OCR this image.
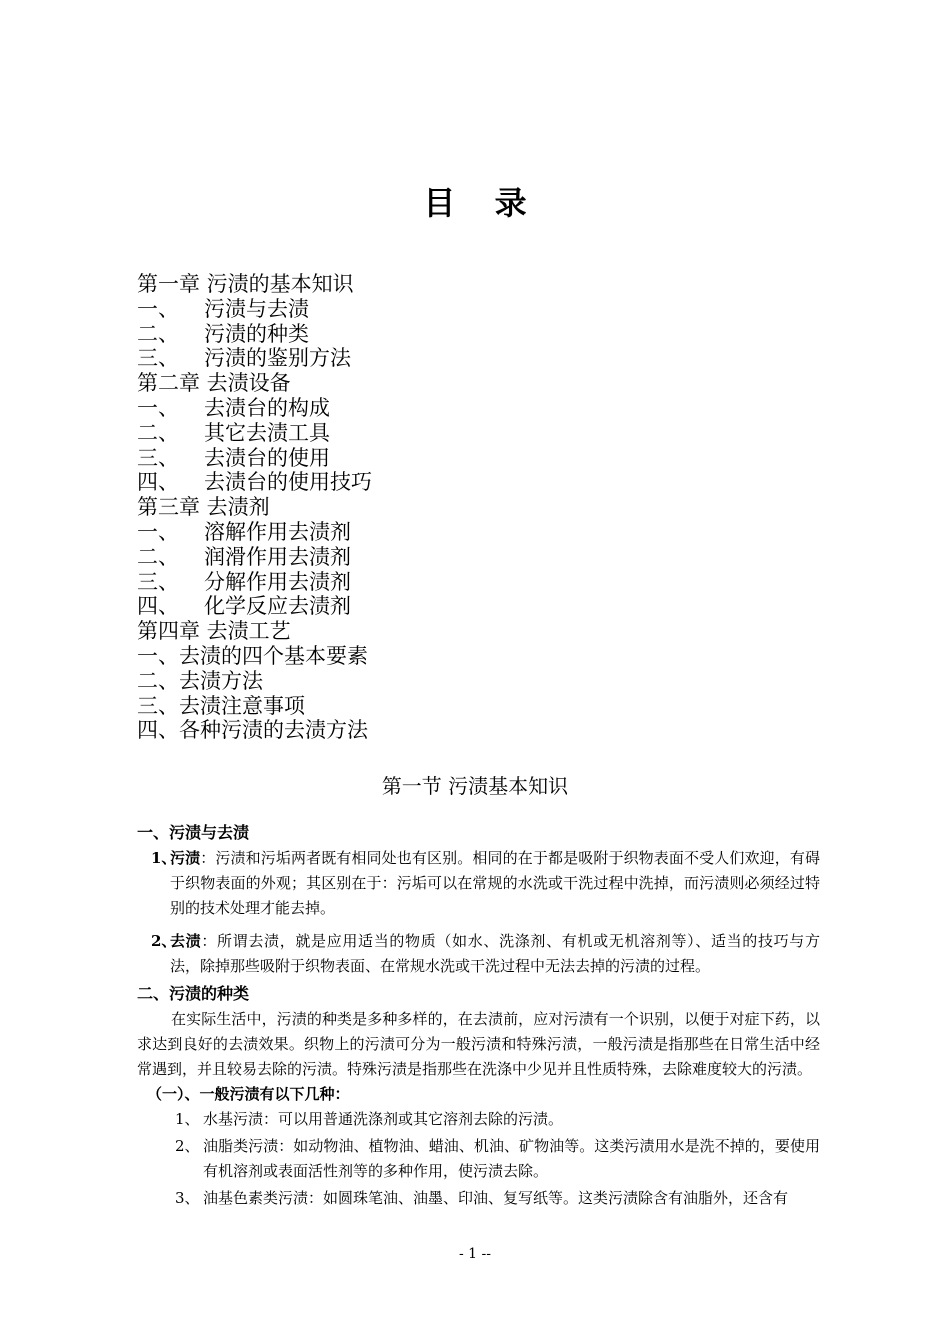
目 录
第一章 污渍的基本知识
一、 污渍与去渍
二、 污渍的种类
三、 污渍的鉴别方法
第二章 去渍设备
一、 去渍台的构成
二、 其它去渍工具
三、 去渍台的使用
四、 去渍台的使用技巧
第三章 去渍剂
一、 溶解作用去渍剂
二、 润滑作用去渍剂
三、 分解作用去渍剂
四、 化学反应去渍剂
第四章 去渍工艺
一、去渍的四个基本要素
二、去渍方法
三、去渍注意事项
四、各种污渍的去渍方法
第一节 污渍基本知识
一、污渍与去渍
1、
污渍：污渍和污垢两者既有相同处也有区别。相同的在于都是吸附于织物表面不受人们欢迎，有碍于织物表面的外观；其区别在于：污垢可以在常规的水洗或干洗过程中洗掉，而污渍则必须经过特别的技术处理才能去掉。
2、
去渍：所谓去渍，就是应用适当的物质（如水、洗涤剂、有机或无机溶剂等）、适当的技巧与方法，除掉那些吸附于织物表面、在常规水洗或干洗过程中无法去掉的污渍的过程。
二、污渍的种类
在实际生活中，污渍的种类是多种多样的，在去渍前，应对污渍有一个识别，以便于对症下药，以求达到良好的去渍效果。织物上的污渍可分为一般污渍和特殊污渍，一般污渍是指那些在日常生活中经常遇到，并且较易去除的污渍。特殊污渍是指那些在洗涤中少见并且性质特殊，去除难度较大的污渍。
（一）、一般污渍有以下几种：
1、 水基污渍：可以用普通洗涤剂或其它溶剂去除的污渍。
2、 油脂类污渍：如动物油、植物油、蜡油、机油、矿物油等。这类污渍用水是洗不掉的，要使用有机溶剂或表面活性剂等的多种作用，使污渍去除。
3、 油基色素类污渍：如圆珠笔油、油墨、印油、复写纸等。这类污渍除含有油脂外，还含有
- 1 --
